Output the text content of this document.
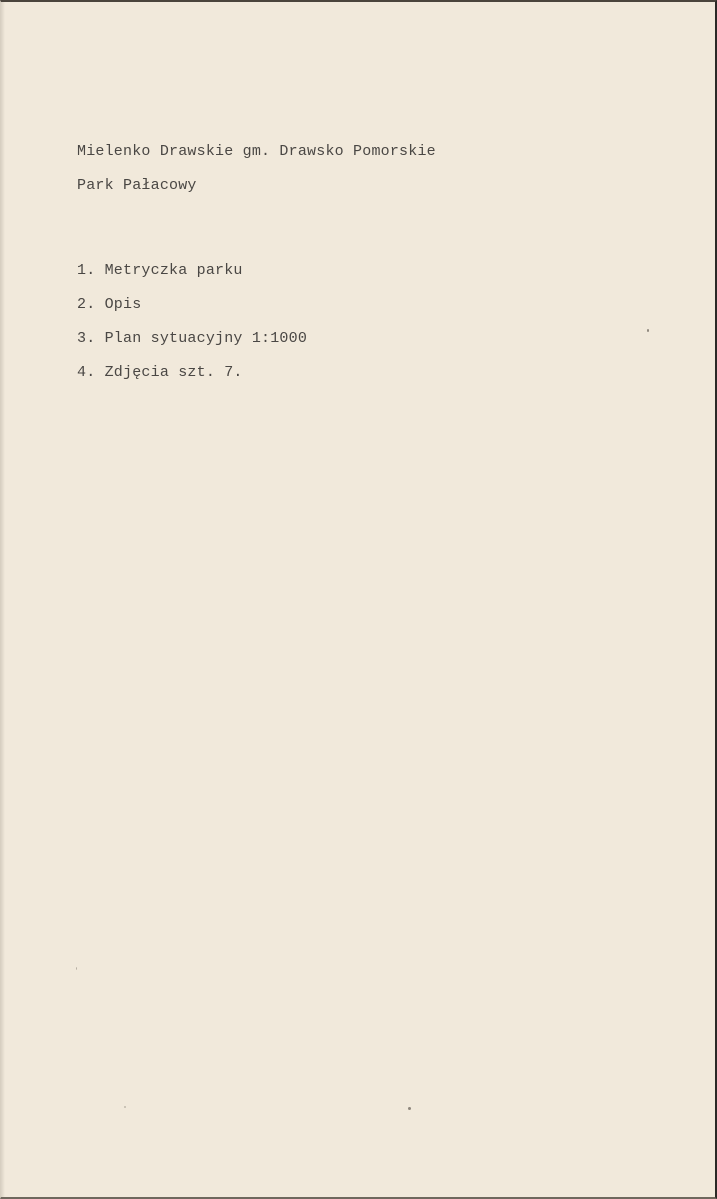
Mielenko Drawskie gm. Drawsko Pomorskie
Park Pałacowy
1. Metryczka parku
2. Opis
3. Plan sytuacyjny 1:1000
4. Zdjęcia szt. 7.
